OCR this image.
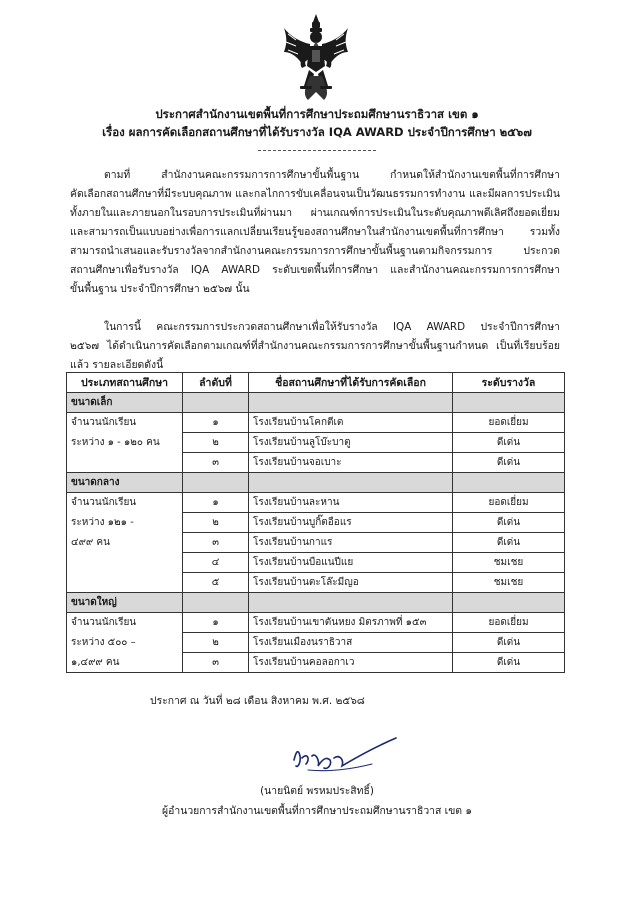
ประกาศสำนักงานเขตพื้นที่การศึกษาประถมศึกษานราธิวาส เขต ๑
เรื่อง ผลการคัดเลือกสถานศึกษาที่ได้รับรางวัล IQA AWARD ประจำปีการศึกษา ๒๕๖๗
ตามที่ สำนักงานคณะกรรมการการศึกษาขั้นพื้นฐาน กำหนดให้สำนักงานเขตพื้นที่การศึกษา
คัดเลือกสถานศึกษาที่มีระบบคุณภาพ และกลไกการขับเคลื่อนจนเป็นวัฒนธรรมการทำงาน และมีผลการประเมิน
ทั้งภายในและภายนอกในรอบการประเมินที่ผ่านมา ผ่านเกณฑ์การประเมินในระดับคุณภาพดีเลิศถึงยอดเยี่ยม
และสามารถเป็นแบบอย่างเพื่อการแลกเปลี่ยนเรียนรู้ของสถานศึกษาในสำนักงานเขตพื้นที่การศึกษา รวมทั้ง
สามารถนำเสนอและรับรางวัลจากสำนักงานคณะกรรมการการศึกษาขั้นพื้นฐานตามกิจกรรมการ ประกวด
สถานศึกษาเพื่อรับรางวัล IQA AWARD ระดับเขตพื้นที่การศึกษา และสำนักงานคณะกรรมการการศึกษา
ขั้นพื้นฐาน ประจำปีการศึกษา ๒๕๖๗ นั้น
ในการนี้ คณะกรรมการประกวดสถานศึกษาเพื่อให้รับรางวัล IQA AWARD ประจำปีการศึกษา
๒๕๖๗ ได้ดำเนินการคัดเลือกตามเกณฑ์ที่สำนักงานคณะกรรมการการศึกษาขั้นพื้นฐานกำหนด เป็นที่เรียบร้อย
แล้ว รายละเอียดดังนี้
ประเภทสถานศึกษา	ลำดับที่	ชื่อสถานศึกษาที่ได้รับการคัดเลือก	ระดับรางวัล
ขนาดเล็ก			
จำนวนนักเรียน	๑	โรงเรียนบ้านโคกตีเต	ยอดเยี่ยม
ระหว่าง ๑ - ๑๒๐ คน	๒	โรงเรียนบ้านลูโบ๊ะบาตู	ดีเด่น
	๓	โรงเรียนบ้านจอเบาะ	ดีเด่น
ขนาดกลาง			
จำนวนนักเรียน	๑	โรงเรียนบ้านละหาน	ยอดเยี่ยม
ระหว่าง ๑๒๑ -	๒	โรงเรียนบ้านบูกิ๊ตอือแร	ดีเด่น
๔๙๙ คน	๓	โรงเรียนบ้านกาแร	ดีเด่น
	๔	โรงเรียนบ้านบือแนปีแย	ชมเชย
	๕	โรงเรียนบ้านตะโล๊ะมีญอ	ชมเชย
ขนาดใหญ่			
จำนวนนักเรียน	๑	โรงเรียนบ้านเขาตันหยง มิตรภาพที่ ๑๕๓	ยอดเยี่ยม
ระหว่าง ๕๐๐ –	๒	โรงเรียนเมืองนราธิวาส	ดีเด่น
๑,๔๙๙ คน	๓	โรงเรียนบ้านคอลอกาเว	ดีเด่น
ประกาศ ณ วันที่ ๒๘ เดือน สิงหาคม พ.ศ. ๒๕๖๘
(นายนิตย์ พรหมประสิทธิ์)
ผู้อำนวยการสำนักงานเขตพื้นที่การศึกษาประถมศึกษานราธิวาส เขต ๑
